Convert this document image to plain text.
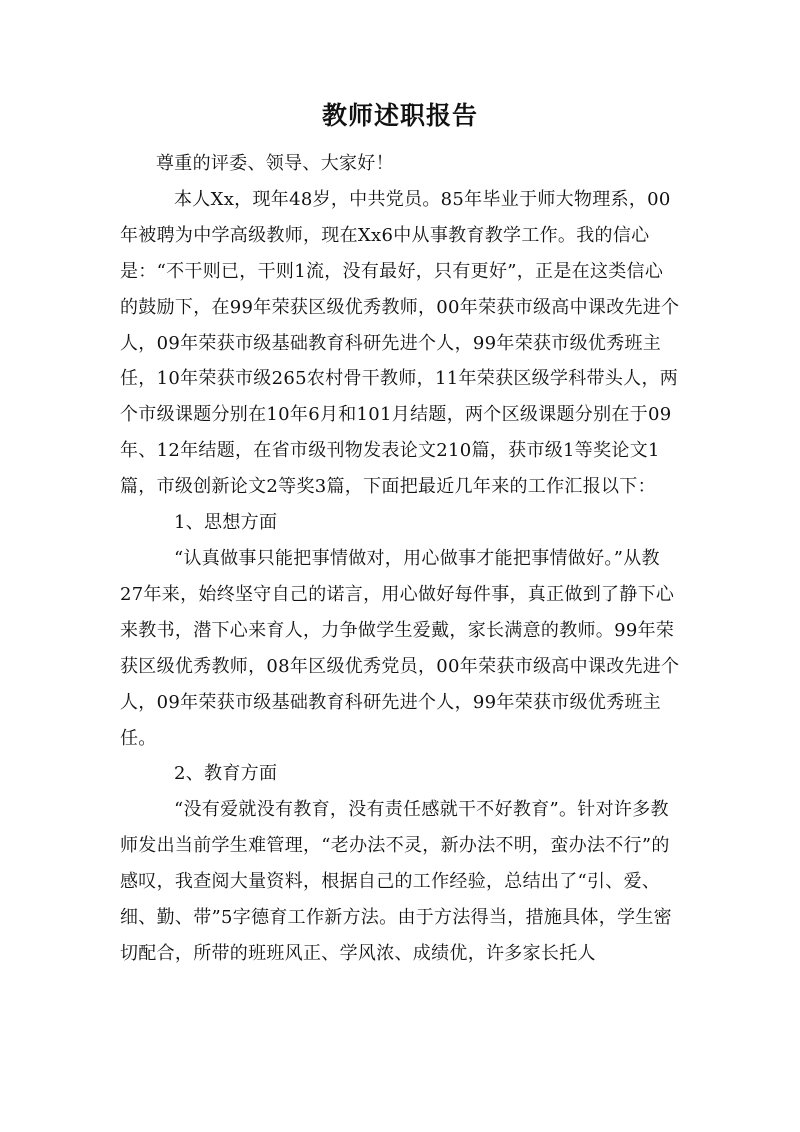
教师述职报告

尊重的评委、领导、大家好！

本人Xx，现年48岁，中共党员。85年毕业于师大物理系，00年被聘为中学高级教师，现在Xx6中从事教育教学工作。我的信心是：“不干则已，干则1流，没有最好，只有更好”，正是在这类信心的鼓励下，在99年荣获区级优秀教师，00年荣获市级高中课改先进个人，09年荣获市级基础教育科研先进个人，99年荣获市级优秀班主任，10年荣获市级265农村骨干教师，11年荣获区级学科带头人，两个市级课题分别在10年6月和101月结题，两个区级课题分别在于09年、12年结题，在省市级刊物发表论文210篇，获市级1等奖论文1篇，市级创新论文2等奖3篇，下面把最近几年来的工作汇报以下：

1、思想方面

“认真做事只能把事情做对，用心做事才能把事情做好。”从教27年来，始终坚守自己的诺言，用心做好每件事，真正做到了静下心来教书，潜下心来育人，力争做学生爱戴，家长满意的教师。99年荣获区级优秀教师，08年区级优秀党员，00年荣获市级高中课改先进个人，09年荣获市级基础教育科研先进个人，99年荣获市级优秀班主任。

2、教育方面

“没有爱就没有教育，没有责任感就干不好教育”。针对许多教师发出当前学生难管理，“老办法不灵，新办法不明，蛮办法不行”的感叹，我查阅大量资料，根据自己的工作经验，总结出了“引、爱、细、勤、带”5字德育工作新方法。由于方法得当，措施具体，学生密切配合，所带的班班风正、学风浓、成绩优，许多家长托人
